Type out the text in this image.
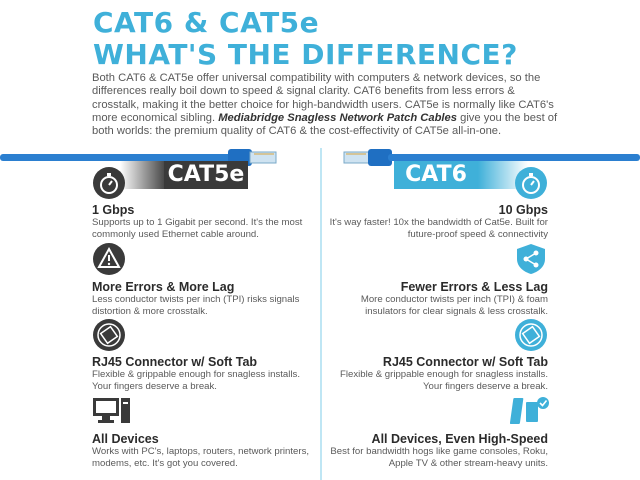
CAT6 & CAT5e
WHAT'S THE DIFFERENCE?

Both CAT6 & CAT5e offer universal compatibility with computers & network devices, so the differences really boil down to speed & signal clarity. CAT6 benefits from less errors & crosstalk, making it the better choice for high-bandwidth users. CAT5e is normally like CAT6's more economical sibling. Mediabridge Snagless Network Patch Cables give you the best of both worlds: the premium quality of CAT6 & the cost-effectivity of CAT5e all-in-one.

CAT5e	CAT6
1 Gbps
Supports up to 1 Gigabit per second. It's the most commonly used Ethernet cable around.
More Errors & More Lag
Less conductor twists per inch (TPI) risks signals distortion & more crosstalk.
RJ45 Connector w/ Soft Tab
Flexible & grippable enough for snagless installs. Your fingers deserve a break.
All Devices
Works with PC's, laptops, routers, network printers, modems, etc. It's got you covered.
10 Gbps
It's way faster! 10x the bandwidth of Cat5e. Built for future-proof speed & connectivity
Fewer Errors & Less Lag
More conductor twists per inch (TPI) & foam insulators for clear signals & less crosstalk.
RJ45 Connector w/ Soft Tab
Flexible & grippable enough for snagless installs. Your fingers deserve a break.
All Devices, Even High-Speed
Best for bandwidth hogs like game consoles, Roku, Apple TV & other stream-heavy units.
